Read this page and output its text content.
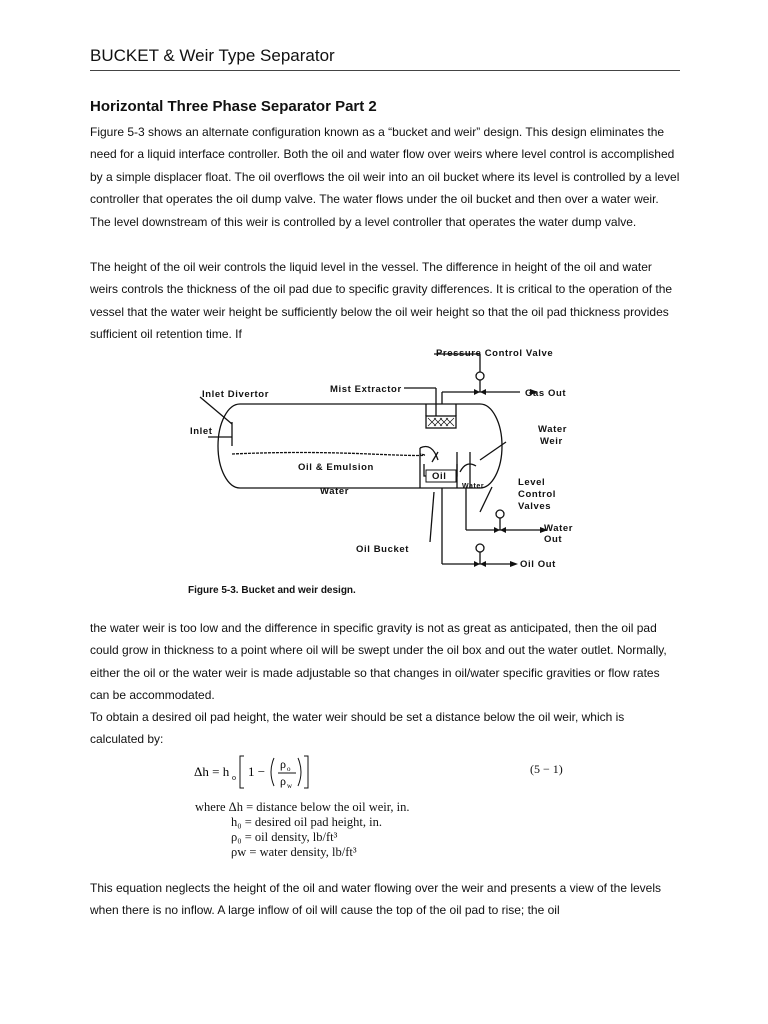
BUCKET & Weir Type Separator
Horizontal Three Phase Separator Part 2

Figure 5-3 shows an alternate configuration known as a “bucket and weir” design. This design eliminates the need for a liquid interface controller. Both the oil and water flow over weirs where level control is accomplished by a simple displacer float. The oil overflows the oil weir into an oil bucket where its level is controlled by a level controller that operates the oil dump valve. The water flows under the oil bucket and then over a water weir. The level downstream of this weir is controlled by a level controller that operates the water dump valve.

The height of the oil weir controls the liquid level in the vessel. The difference in height of the oil and water weirs controls the thickness of the oil pad due to specific gravity differences. It is critical to the operation of the vessel that the water weir height be sufficiently below the oil weir height so that the oil pad thickness provides sufficient oil retention time. If

Pressure Control Valve
Mist Extractor	Gas Out
Inlet Divertor
Inlet	Water
Weir
Oil & Emulsion
Water
Oil
Water	Level
Control
Valves
Water
Out
Oil Bucket
Oil Out
Figure 5-3. Bucket and weir design.

the water weir is too low and the difference in specific gravity is not as great as anticipated, then the oil pad could grow in thickness to a point where oil will be swept under the oil box and out the water outlet. Normally, either the oil or the water weir is made adjustable so that changes in oil/water specific gravities or flow rates can be accommodated.

To obtain a desired oil pad height, the water weir should be set a distance below the oil weir, which is calculated by:

Δh = h o 1 − ρ o
ρ w
(5 − 1)
where Δh = distance below the oil weir, in.
h₀ = desired oil pad height, in.
ρ₀ = oil density, lb/ft³
ρw = water density, lb/ft³

This equation neglects the height of the oil and water flowing over the weir and presents a view of the levels when there is no inflow. A large inflow of oil will cause the top of the oil pad to rise; the oil
